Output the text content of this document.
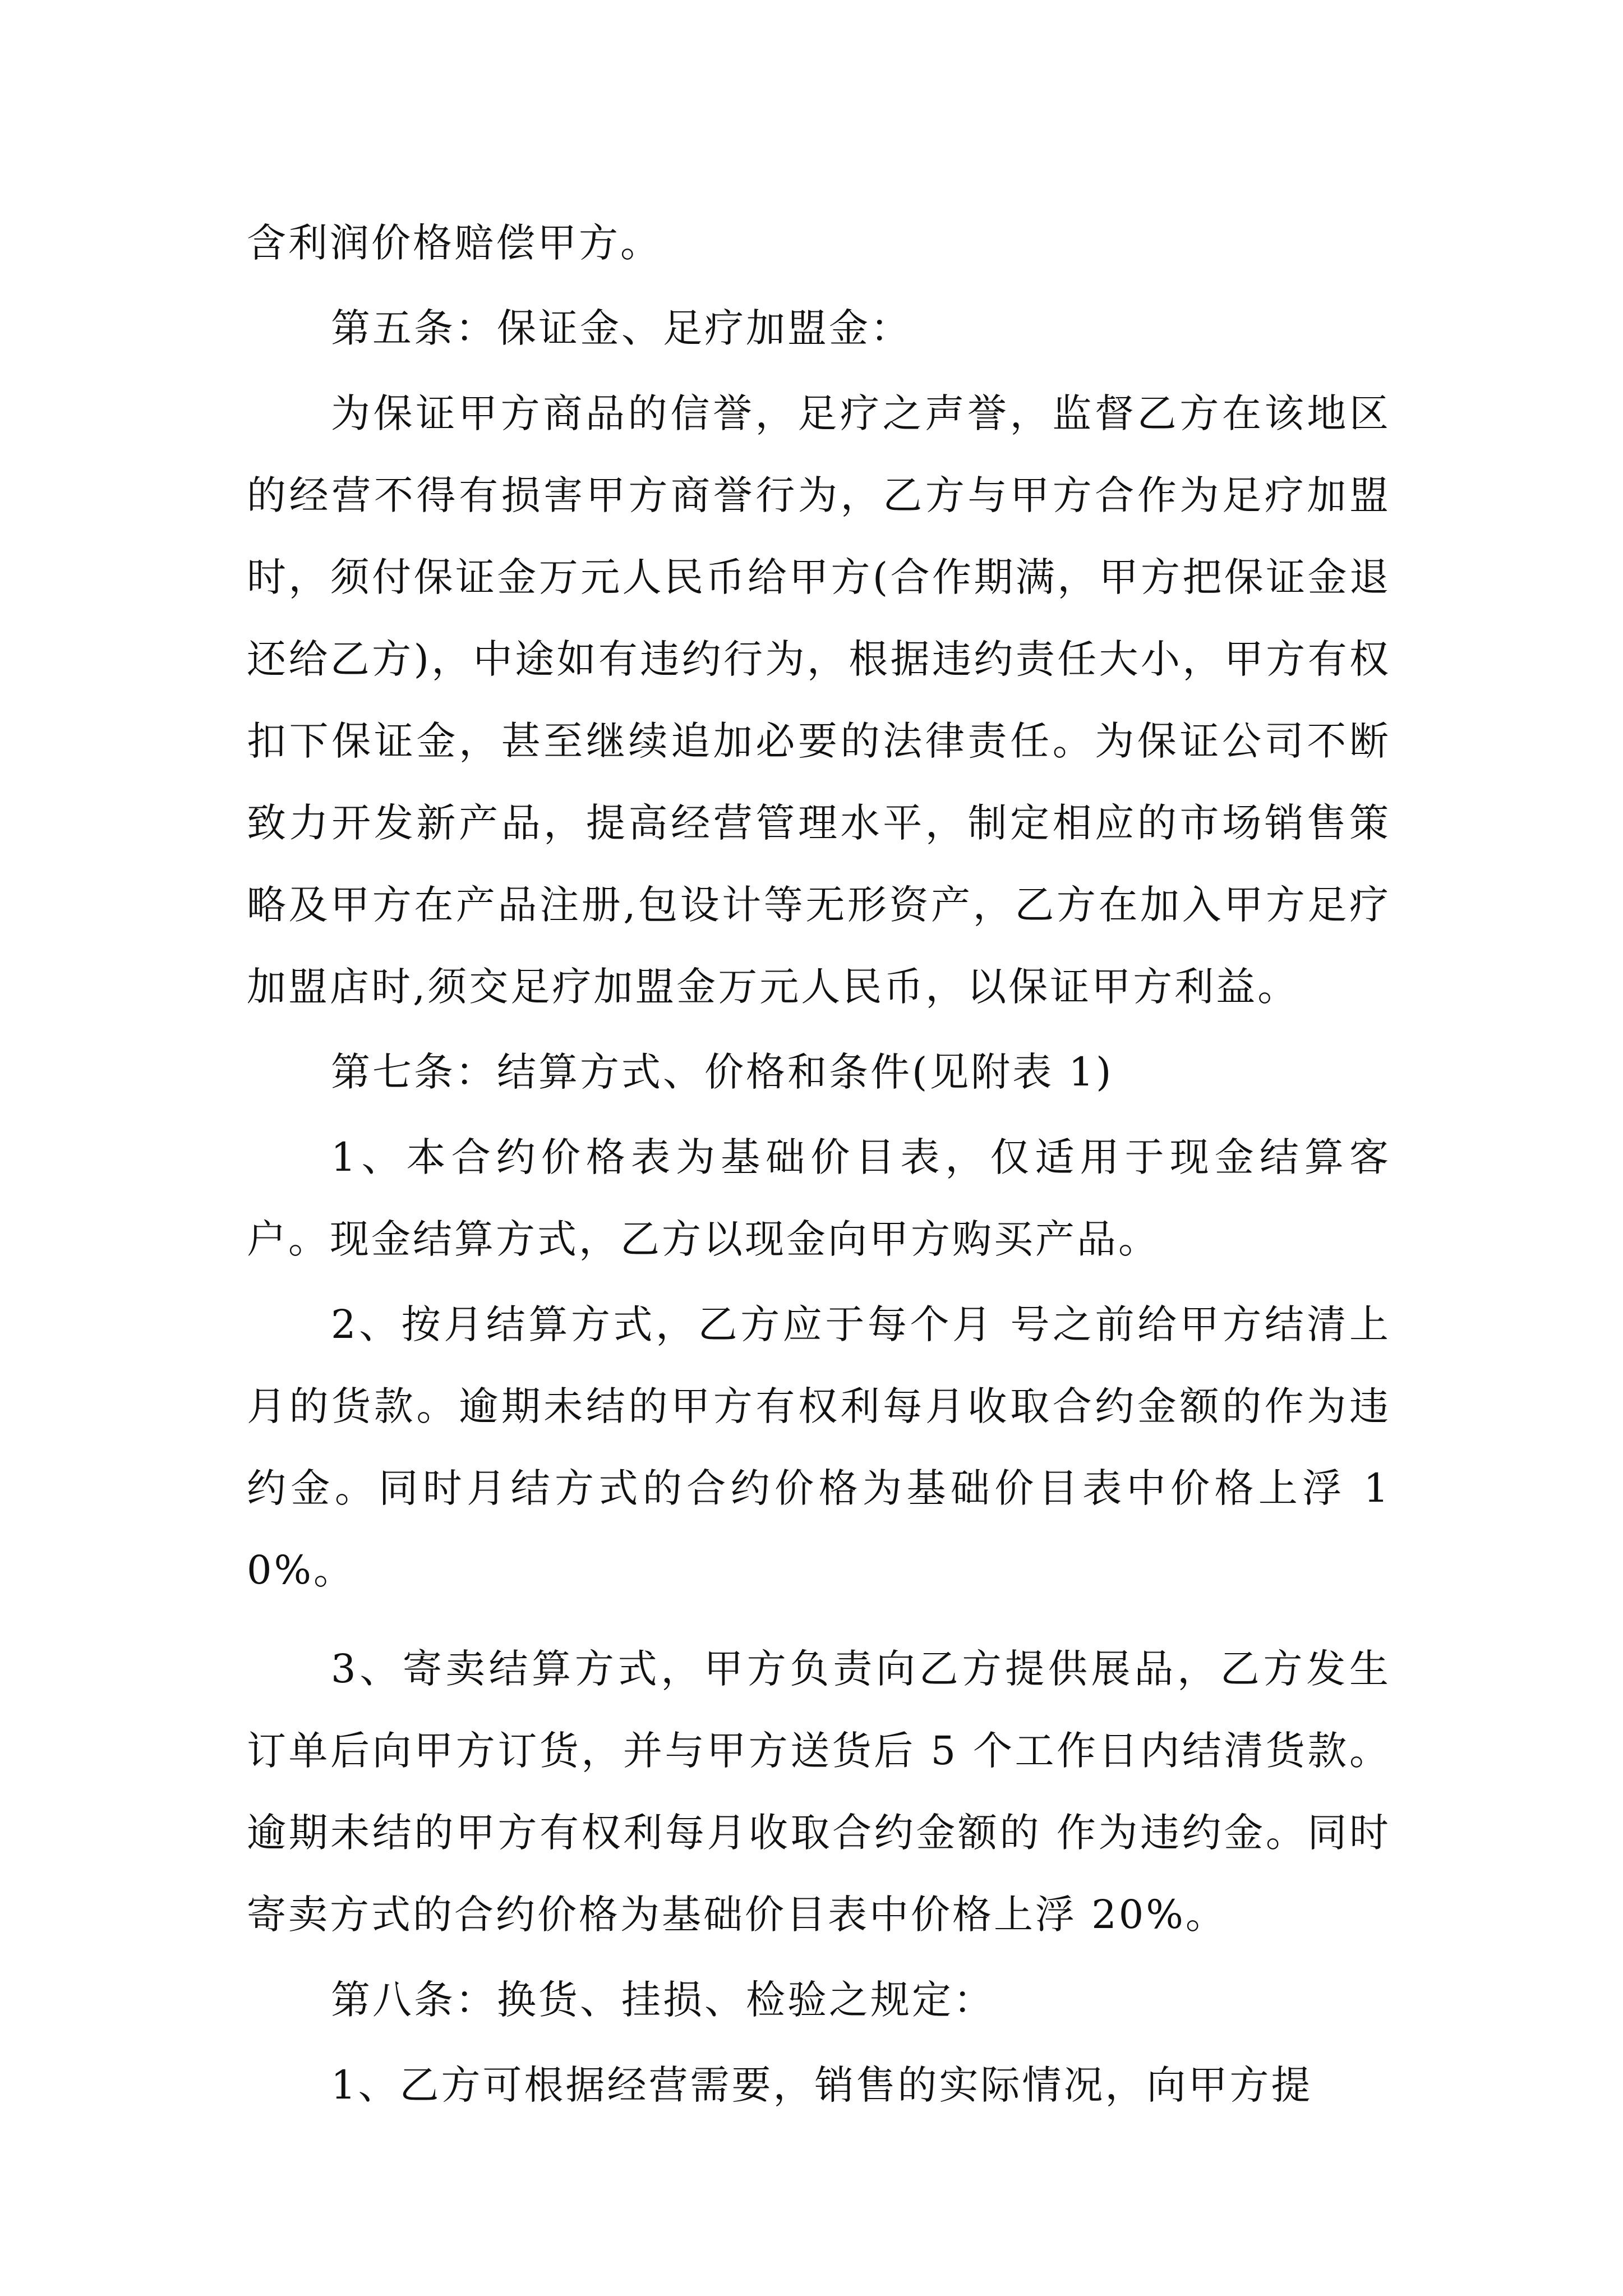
含利润价格赔偿甲方。

第五条：保证金、足疗加盟金：

为保证甲方商品的信誉，足疗之声誉，监督乙方在该地区的经营不得有损害甲方商誉行为，乙方与甲方合作为足疗加盟时，须付保证金万元人民币给甲方(合作期满，甲方把保证金退还给乙方)，中途如有违约行为，根据违约责任大小，甲方有权扣下保证金，甚至继续追加必要的法律责任。为保证公司不断致力开发新产品，提高经营管理水平，制定相应的市场销售策略及甲方在产品注册,包设计等无形资产，乙方在加入甲方足疗加盟店时,须交足疗加盟金万元人民币，以保证甲方利益。

第七条：结算方式、价格和条件(见附表 1)

1、本合约价格表为基础价目表，仅适用于现金结算客户。现金结算方式，乙方以现金向甲方购买产品。

2、按月结算方式，乙方应于每个月 号之前给甲方结清上月的货款。逾期未结的甲方有权利每月收取合约金额的作为违约金。同时月结方式的合约价格为基础价目表中价格上浮 10%。

3、寄卖结算方式，甲方负责向乙方提供展品，乙方发生订单后向甲方订货，并与甲方送货后 5 个工作日内结清货款。逾期未结的甲方有权利每月收取合约金额的 作为违约金。同时寄卖方式的合约价格为基础价目表中价格上浮 20%。

第八条：换货、挂损、检验之规定：

1、乙方可根据经营需要，销售的实际情况，向甲方提
